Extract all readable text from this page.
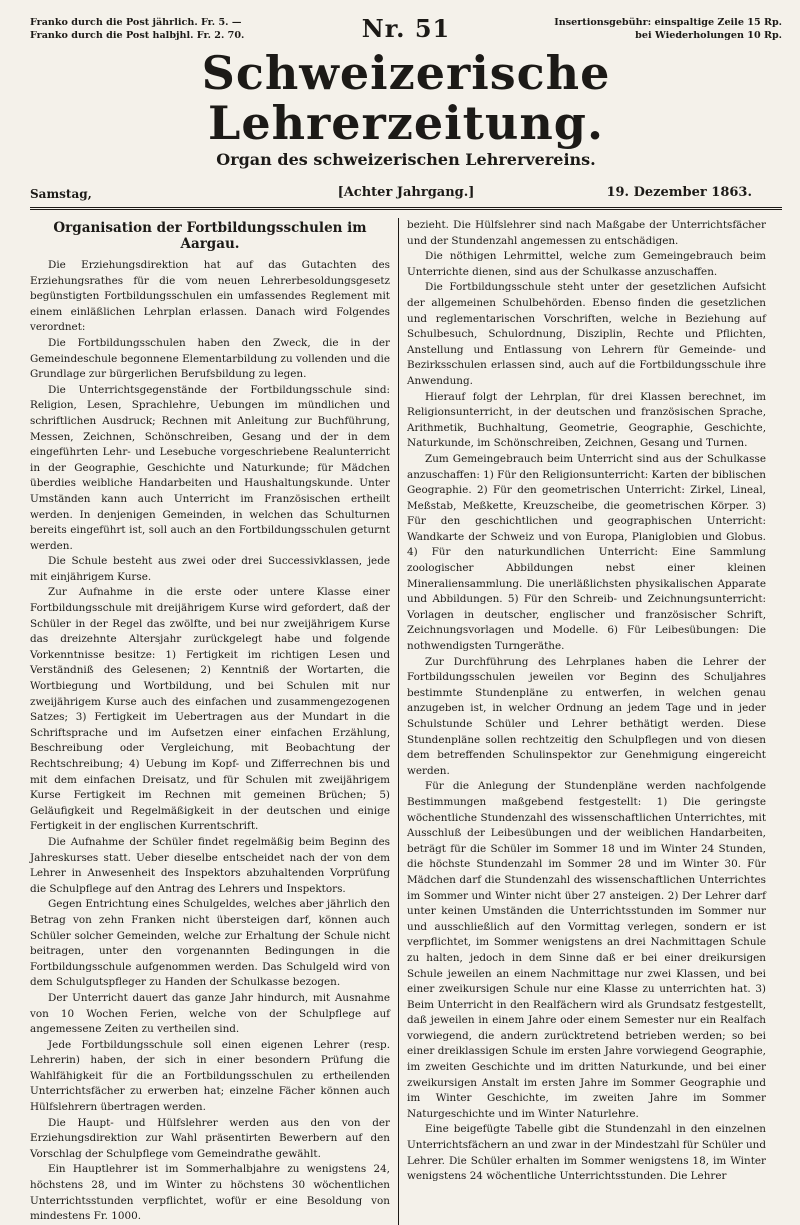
Franko durch die Post jährlich. Fr. 5. —
Franko durch die Post halbjhl. Fr. 2. 70.	Nr. 51	Insertionsgebühr: einspaltige Zeile 15 Rp.
bei Wiederholungen 10 Rp.
Schweizerische Lehrerzeitung.
Organ des schweizerischen Lehrervereins.
Samstag,	[Achter Jahrgang.]	19. Dezember 1863.
Organisation der Fortbildungsschulen im Aargau.

Die Erziehungsdirektion hat auf das Gutachten des Erziehungsrathes für die vom neuen Lehrerbesoldungsgesetz begünstigten Fortbildungsschulen ein umfassendes Reglement mit einem einläßlichen Lehrplan erlassen. Danach wird Folgendes verordnet:

Die Fortbildungsschulen haben den Zweck, die in der Gemeindeschule begonnene Elementarbildung zu vollenden und die Grundlage zur bürgerlichen Berufsbildung zu legen.

Die Unterrichtsgegenstände der Fortbildungsschule sind: Religion, Lesen, Sprachlehre, Uebungen im mündlichen und schriftlichen Ausdruck; Rechnen mit Anleitung zur Buchführung, Messen, Zeichnen, Schönschreiben, Gesang und der in dem eingeführten Lehr- und Lesebuche vorgeschriebene Realunterricht in der Geographie, Geschichte und Naturkunde; für Mädchen überdies weibliche Handarbeiten und Haushaltungskunde. Unter Umständen kann auch Unterricht im Französischen ertheilt werden. In denjenigen Gemeinden, in welchen das Schulturnen bereits eingeführt ist, soll auch an den Fortbildungsschulen geturnt werden.

Die Schule besteht aus zwei oder drei Successivklassen, jede mit einjährigem Kurse.

Zur Aufnahme in die erste oder untere Klasse einer Fortbildungsschule mit dreijährigem Kurse wird gefordert, daß der Schüler in der Regel das zwölfte, und bei nur zweijährigem Kurse das dreizehnte Altersjahr zurückgelegt habe und folgende Vorkenntnisse besitze: 1) Fertigkeit im richtigen Lesen und Verständniß des Gelesenen; 2) Kenntniß der Wortarten, die Wortbiegung und Wortbildung, und bei Schulen mit nur zweijährigem Kurse auch des einfachen und zusammengezogenen Satzes; 3) Fertigkeit im Uebertragen aus der Mundart in die Schriftsprache und im Aufsetzen einer einfachen Erzählung, Beschreibung oder Vergleichung, mit Beobachtung der Rechtschreibung; 4) Uebung im Kopf- und Zifferrechnen bis und mit dem einfachen Dreisatz, und für Schulen mit zweijährigem Kurse Fertigkeit im Rechnen mit gemeinen Brüchen; 5) Geläufigkeit und Regelmäßigkeit in der deutschen und einige Fertigkeit in der englischen Kurrentschrift.

Die Aufnahme der Schüler findet regelmäßig beim Beginn des Jahreskurses statt. Ueber dieselbe entscheidet nach der von dem Lehrer in Anwesenheit des Inspektors abzuhaltenden Vorprüfung die Schulpflege auf den Antrag des Lehrers und Inspektors.

Gegen Entrichtung eines Schulgeldes, welches aber jährlich den Betrag von zehn Franken nicht übersteigen darf, können auch Schüler solcher Gemeinden, welche zur Erhaltung der Schule nicht beitragen, unter den vorgenannten Bedingungen in die Fortbildungsschule aufgenommen werden. Das Schulgeld wird von dem Schulgutspfleger zu Handen der Schulkasse bezogen.

Der Unterricht dauert das ganze Jahr hindurch, mit Ausnahme von 10 Wochen Ferien, welche von der Schulpflege auf angemessene Zeiten zu vertheilen sind.

Jede Fortbildungsschule soll einen eigenen Lehrer (resp. Lehrerin) haben, der sich in einer besondern Prüfung die Wahlfähigkeit für die an Fortbildungsschulen zu ertheilenden Unterrichtsfächer zu erwerben hat; einzelne Fächer können auch Hülfslehrern übertragen werden.

Die Haupt- und Hülfslehrer werden aus den von der Erziehungsdirektion zur Wahl präsentirten Bewerbern auf den Vorschlag der Schulpflege vom Gemeindrathe gewählt.

Ein Hauptlehrer ist im Sommerhalbjahre zu wenigstens 24, höchstens 28, und im Winter zu höchstens 30 wöchentlichen Unterrichtsstunden verpflichtet, wofür er eine Besoldung von mindestens Fr. 1000.

bezieht. Die Hülfslehrer sind nach Maßgabe der Unterrichtsfächer und der Stundenzahl angemessen zu entschädigen.

Die nöthigen Lehrmittel, welche zum Gemeingebrauch beim Unterrichte dienen, sind aus der Schulkasse anzuschaffen.

Die Fortbildungsschule steht unter der gesetzlichen Aufsicht der allgemeinen Schulbehörden. Ebenso finden die gesetzlichen und reglementarischen Vorschriften, welche in Beziehung auf Schulbesuch, Schulordnung, Disziplin, Rechte und Pflichten, Anstellung und Entlassung von Lehrern für Gemeinde- und Bezirksschulen erlassen sind, auch auf die Fortbildungsschule ihre Anwendung.

Hierauf folgt der Lehrplan, für drei Klassen berechnet, im Religionsunterricht, in der deutschen und französischen Sprache, Arithmetik, Buchhaltung, Geometrie, Geographie, Geschichte, Naturkunde, im Schönschreiben, Zeichnen, Gesang und Turnen.

Zum Gemeingebrauch beim Unterricht sind aus der Schulkasse anzuschaffen: 1) Für den Religionsunterricht: Karten der biblischen Geographie. 2) Für den geometrischen Unterricht: Zirkel, Lineal, Meßstab, Meßkette, Kreuzscheibe, die geometrischen Körper. 3) Für den geschichtlichen und geographischen Unterricht: Wandkarte der Schweiz und von Europa, Planiglobien und Globus. 4) Für den naturkundlichen Unterricht: Eine Sammlung zoologischer Abbildungen nebst einer kleinen Mineraliensammlung. Die unerläßlichsten physikalischen Apparate und Abbildungen. 5) Für den Schreib- und Zeichnungsunterricht: Vorlagen in deutscher, englischer und französischer Schrift, Zeichnungsvorlagen und Modelle. 6) Für Leibesübungen: Die nothwendigsten Turngeräthe.

Zur Durchführung des Lehrplanes haben die Lehrer der Fortbildungsschulen jeweilen vor Beginn des Schuljahres bestimmte Stundenpläne zu entwerfen, in welchen genau anzugeben ist, in welcher Ordnung an jedem Tage und in jeder Schulstunde Schüler und Lehrer bethätigt werden. Diese Stundenpläne sollen rechtzeitig den Schulpflegen und von diesen dem betreffenden Schulinspektor zur Genehmigung eingereicht werden.

Für die Anlegung der Stundenpläne werden nachfolgende Bestimmungen maßgebend festgestellt: 1) Die geringste wöchentliche Stundenzahl des wissenschaftlichen Unterrichtes, mit Ausschluß der Leibesübungen und der weiblichen Handarbeiten, beträgt für die Schüler im Sommer 18 und im Winter 24 Stunden, die höchste Stundenzahl im Sommer 28 und im Winter 30. Für Mädchen darf die Stundenzahl des wissenschaftlichen Unterrichtes im Sommer und Winter nicht über 27 ansteigen. 2) Der Lehrer darf unter keinen Umständen die Unterrichtsstunden im Sommer nur und ausschließlich auf den Vormittag verlegen, sondern er ist verpflichtet, im Sommer wenigstens an drei Nachmittagen Schule zu halten, jedoch in dem Sinne daß er bei einer dreikursigen Schule jeweilen an einem Nachmittage nur zwei Klassen, und bei einer zweikursigen Schule nur eine Klasse zu unterrichten hat. 3) Beim Unterricht in den Realfächern wird als Grundsatz festgestellt, daß jeweilen in einem Jahre oder einem Semester nur ein Realfach vorwiegend, die andern zurücktretend betrieben werden; so bei einer dreiklassigen Schule im ersten Jahre vorwiegend Geographie, im zweiten Geschichte und im dritten Naturkunde, und bei einer zweikursigen Anstalt im ersten Jahre im Sommer Geographie und im Winter Geschichte, im zweiten Jahre im Sommer Naturgeschichte und im Winter Naturlehre.

Eine beigefügte Tabelle gibt die Stundenzahl in den einzelnen Unterrichtsfächern an und zwar in der Mindestzahl für Schüler und Lehrer. Die Schüler erhalten im Sommer wenigstens 18, im Winter wenigstens 24 wöchentliche Unterrichtsstunden. Die Lehrer
